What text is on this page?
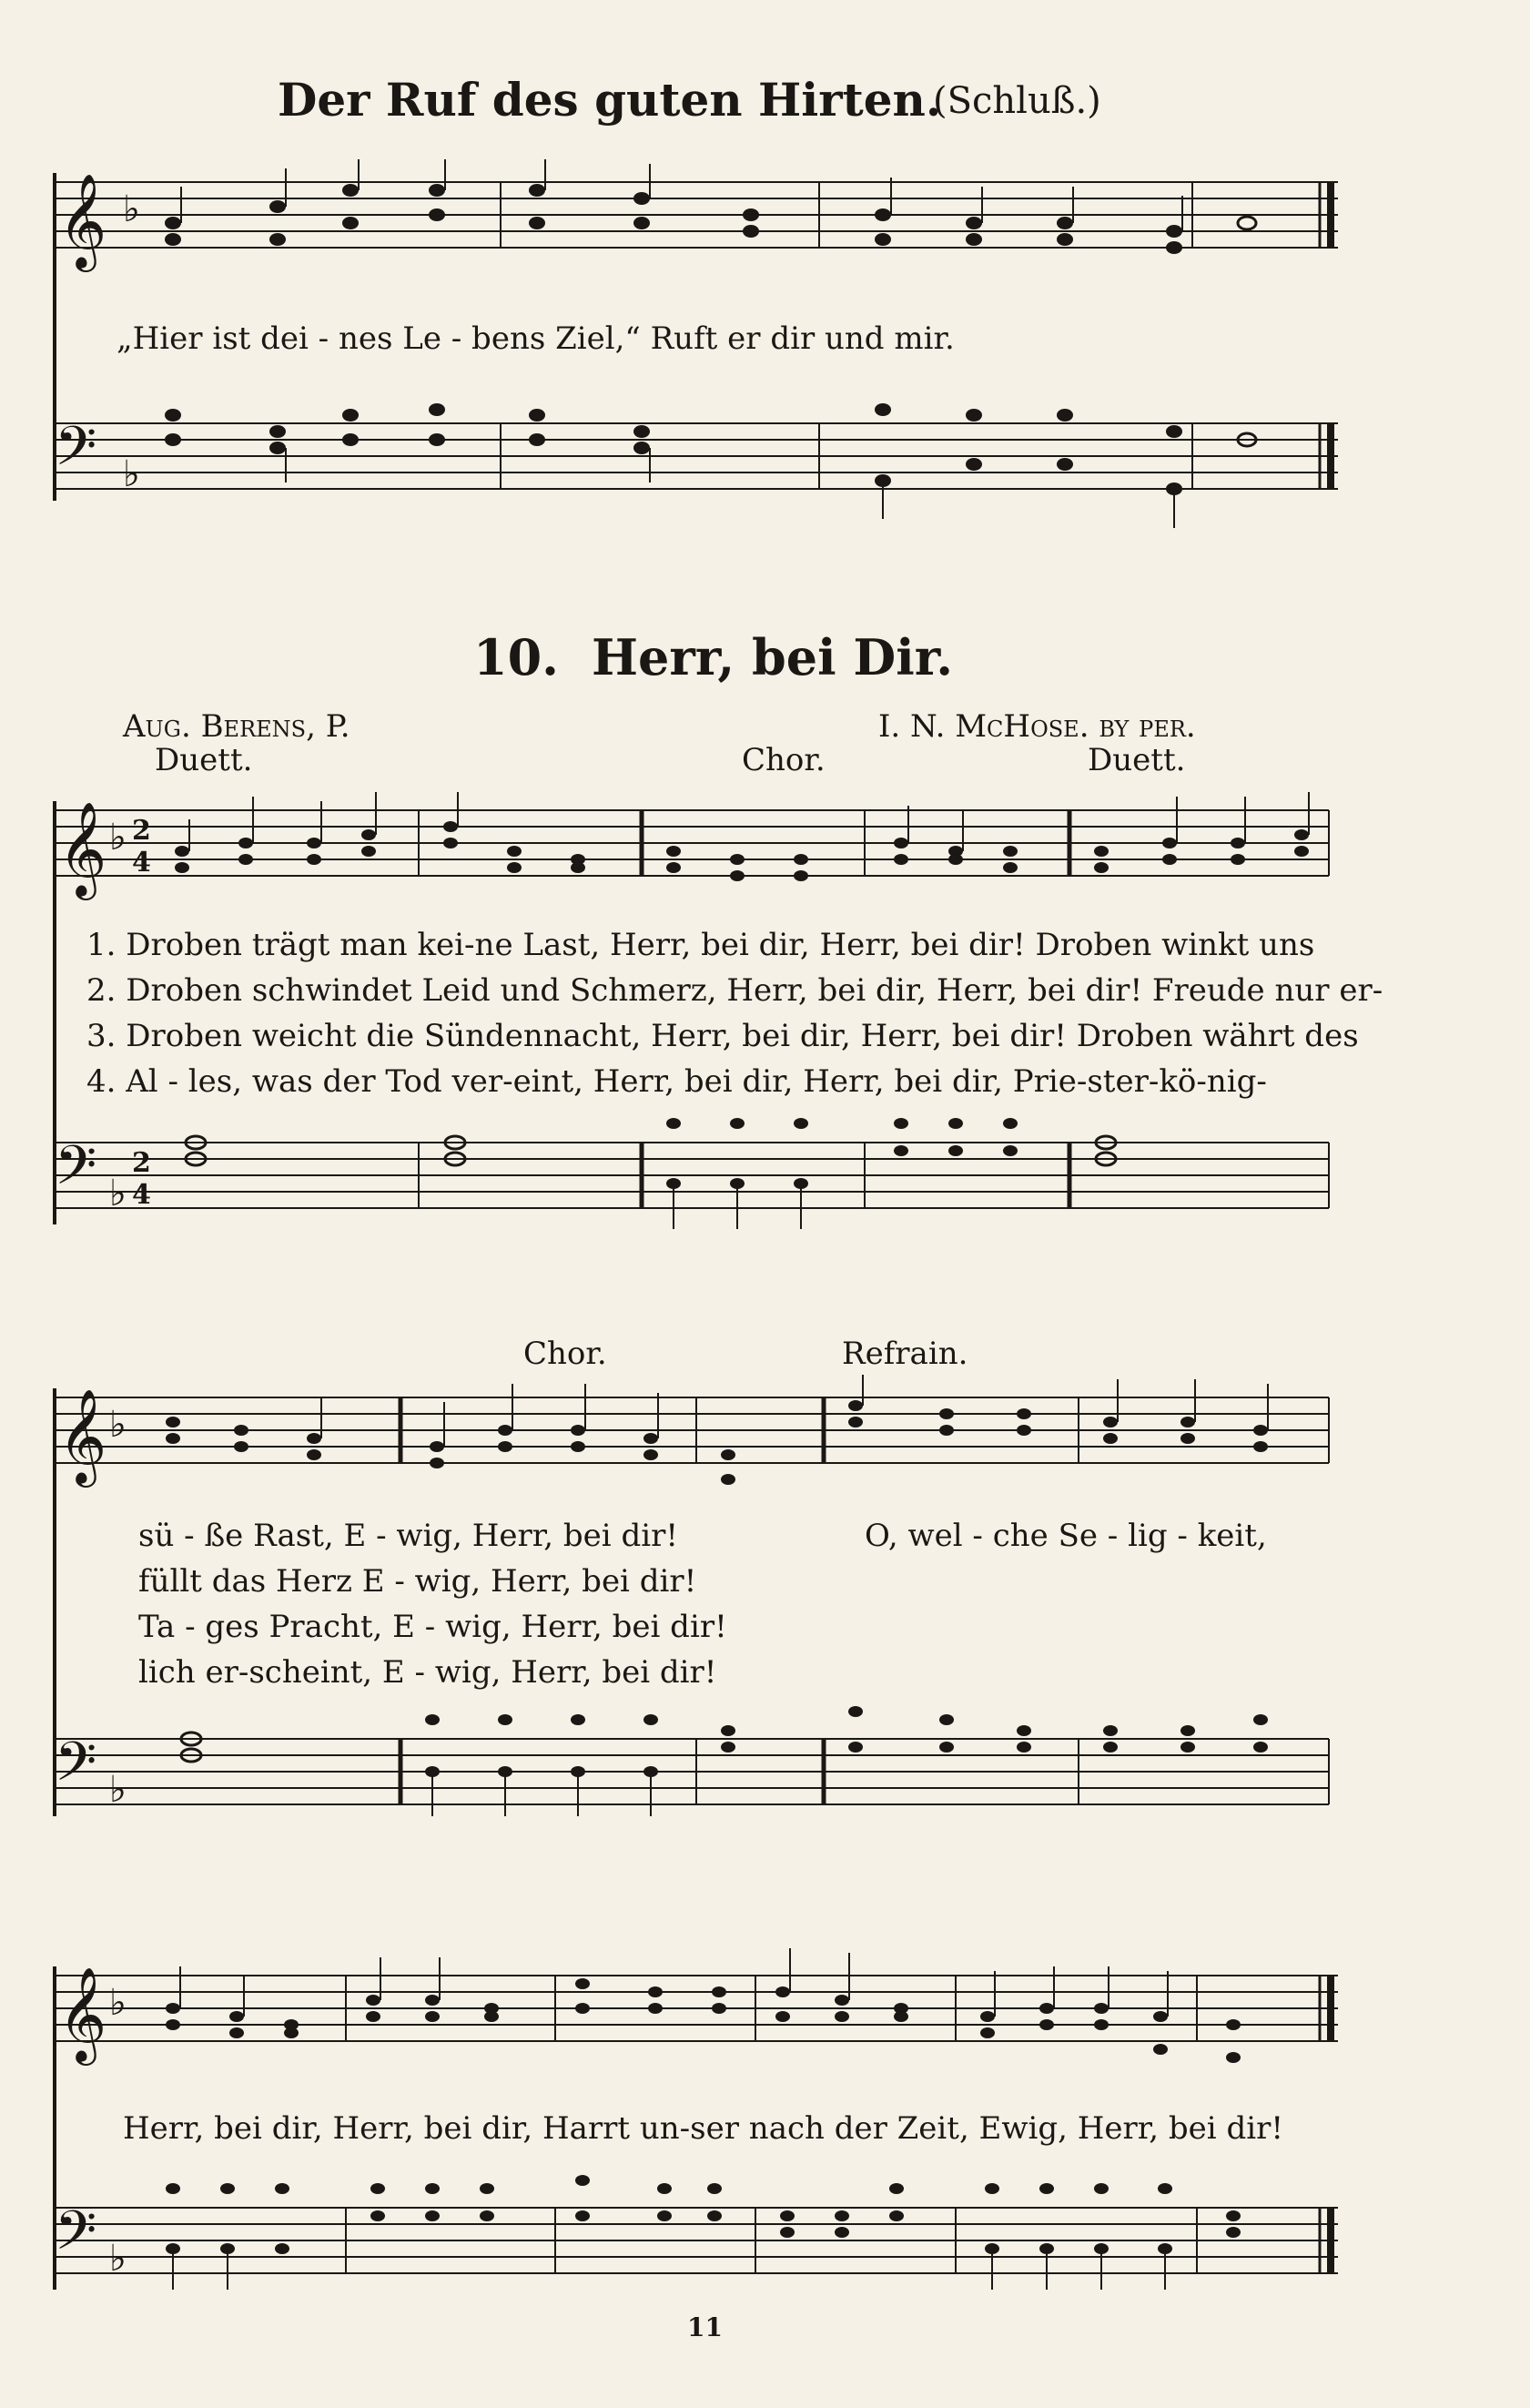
Der Ruf des guten Hirten.
(Schluß.)
𝄞 ♭
„Hier ist dei - nes Le - bens Ziel,“ Ruft er dir und mir.
𝄢 ♭
10. Herr, bei Dir.
Aug. Berens, P.	I. N. McHose. by per.
Duett.	Chor.	Duett.
𝄞 ♭ 2
4
1. Droben trägt man kei-ne Last, Herr, bei dir, Herr, bei dir! Droben winkt uns
2. Droben schwindet Leid und Schmerz, Herr, bei dir, Herr, bei dir! Freude nur er-
3. Droben weicht die Sündennacht, Herr, bei dir, Herr, bei dir! Droben währt des
4. Al - les, was der Tod ver-eint, Herr, bei dir, Herr, bei dir, Prie-ster-kö-nig-
𝄢 ♭
2
4
Chor.	Refrain.
𝄞 ♭
sü - ße Rast, E - wig, Herr, bei dir!
füllt das Herz E - wig, Herr, bei dir!
Ta - ges Pracht, E - wig, Herr, bei dir!
lich er-scheint, E - wig, Herr, bei dir!
O, wel - che Se - lig - keit,
𝄢 ♭
𝄞 ♭
Herr, bei dir, Herr, bei dir, Harrt un-ser nach der Zeit, Ewig, Herr, bei dir!
𝄢 ♭
11
